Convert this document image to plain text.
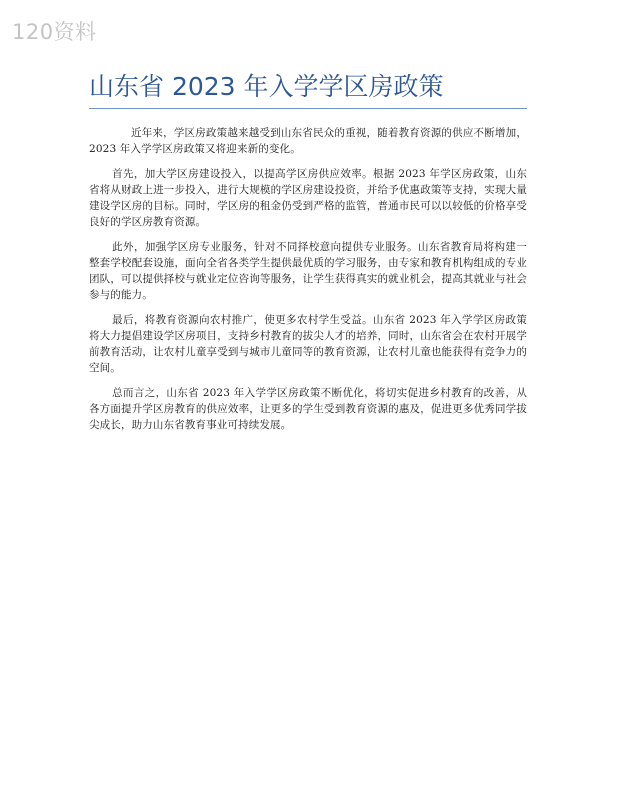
120资料
山东省 2023 年入学学区房政策

近年来，学区房政策越来越受到山东省民众的重视，随着教育资源的供应不断增加，2023 年入学学区房政策又将迎来新的变化。

首先，加大学区房建设投入，以提高学区房供应效率。根据 2023 年学区房政策，山东省将从财政上进一步投入，进行大规模的学区房建设投资，并给予优惠政策等支持，实现大量建设学区房的目标。同时，学区房的租金仍受到严格的监管，普通市民可以以较低的价格享受良好的学区房教育资源。

此外，加强学区房专业服务，针对不同择校意向提供专业服务。山东省教育局将构建一整套学校配套设施，面向全省各类学生提供最优质的学习服务，由专家和教育机构组成的专业团队，可以提供择校与就业定位咨询等服务，让学生获得真实的就业机会，提高其就业与社会参与的能力。

最后，将教育资源向农村推广，使更多农村学生受益。山东省 2023 年入学学区房政策将大力提倡建设学区房项目，支持乡村教育的拔尖人才的培养，同时，山东省会在农村开展学前教育活动，让农村儿童享受到与城市儿童同等的教育资源，让农村儿童也能获得有竞争力的空间。

总而言之，山东省 2023 年入学学区房政策不断优化，将切实促进乡村教育的改善，从各方面提升学区房教育的供应效率，让更多的学生受到教育资源的惠及，促进更多优秀同学拔尖成长，助力山东省教育事业可持续发展。
